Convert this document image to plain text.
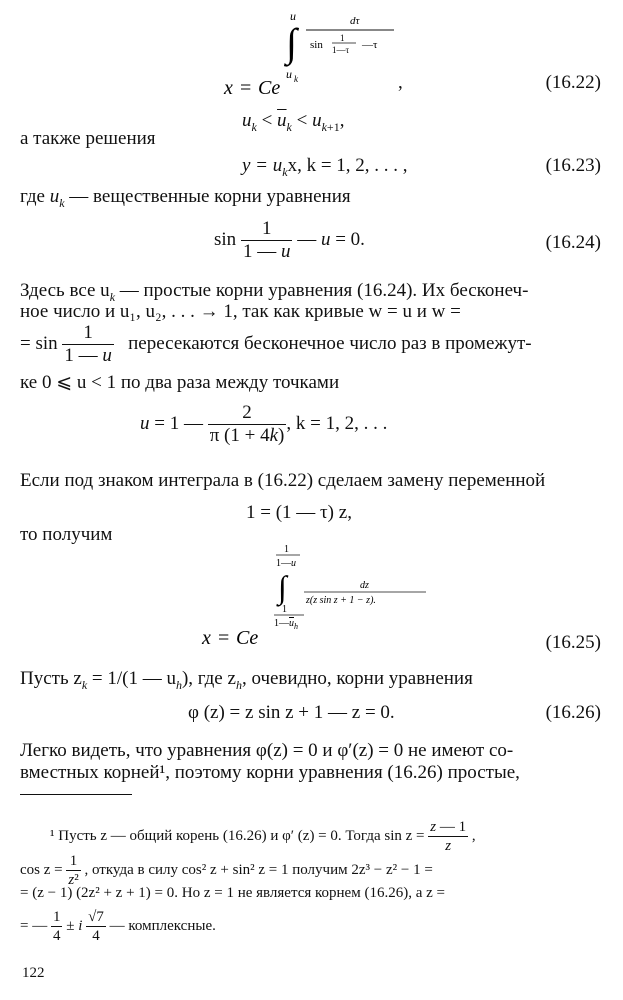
u
∫
u k
dτ
sin
1
1—τ —τ
x = Ce	,	(16.22)
$u_k < \overline{u}_k < u_{k+1}$,
а также решения
$y = u_kx$, k = 1, 2, . . . ,	(16.23)
где $u_k$ — вещественные корни уравнения
$\sin \frac{1}{1 — u}$ — u = 0.	(16.24)
Здесь все $u_k$ — простые корни уравнения (16.24). Их бесконеч-
ное число и u₁, u₂, . . . → 1, так как кривые w = u и w =
= $\sin \frac{1}{1 — u}$ пересекаются бесконечное число раз в промежут-
ке 0 ⩽ u < 1 по два раза между точками
u = 1 — $\frac{2}{\pi (1 + 4k)}$ , k = 1, 2, . . .
Если под знаком интеграла в (16.22) сделаем замену переменной
1 = (1 — τ) z,
то получим
1
1—u
∫
1
$1—u_h$
dz
z(z sin z + 1 − z).
x = Ce	(16.25)
Пусть $z_k = 1/(1$ — $u_h$), где $z_h$, очевидно, корни уравнения
φ (z) = z sin z + 1 — z = 0.	(16.26)
Легко видеть, что уравнения φ(z) = 0 и φ′(z) = 0 не имеют со-
вместных корней¹, поэтому корни уравнения (16.26) простые,
¹ Пусть z — общий корень (16.26) и φ′ (z) = 0. Тогда $\sin z = \frac{z — 1}{z}$ ,
$\cos z = \frac{1}{\text{z²}}$ , откуда в силу cos² z + sin² z = 1 получим 2z³ − z² − 1 =
= (z − 1) (2z² + z + 1) = 0. Но z = 1 не является корнем (16.26), а z =
= — $\frac{1}{4} \pm i \frac{√7}{4}$ — комплексные.
122
